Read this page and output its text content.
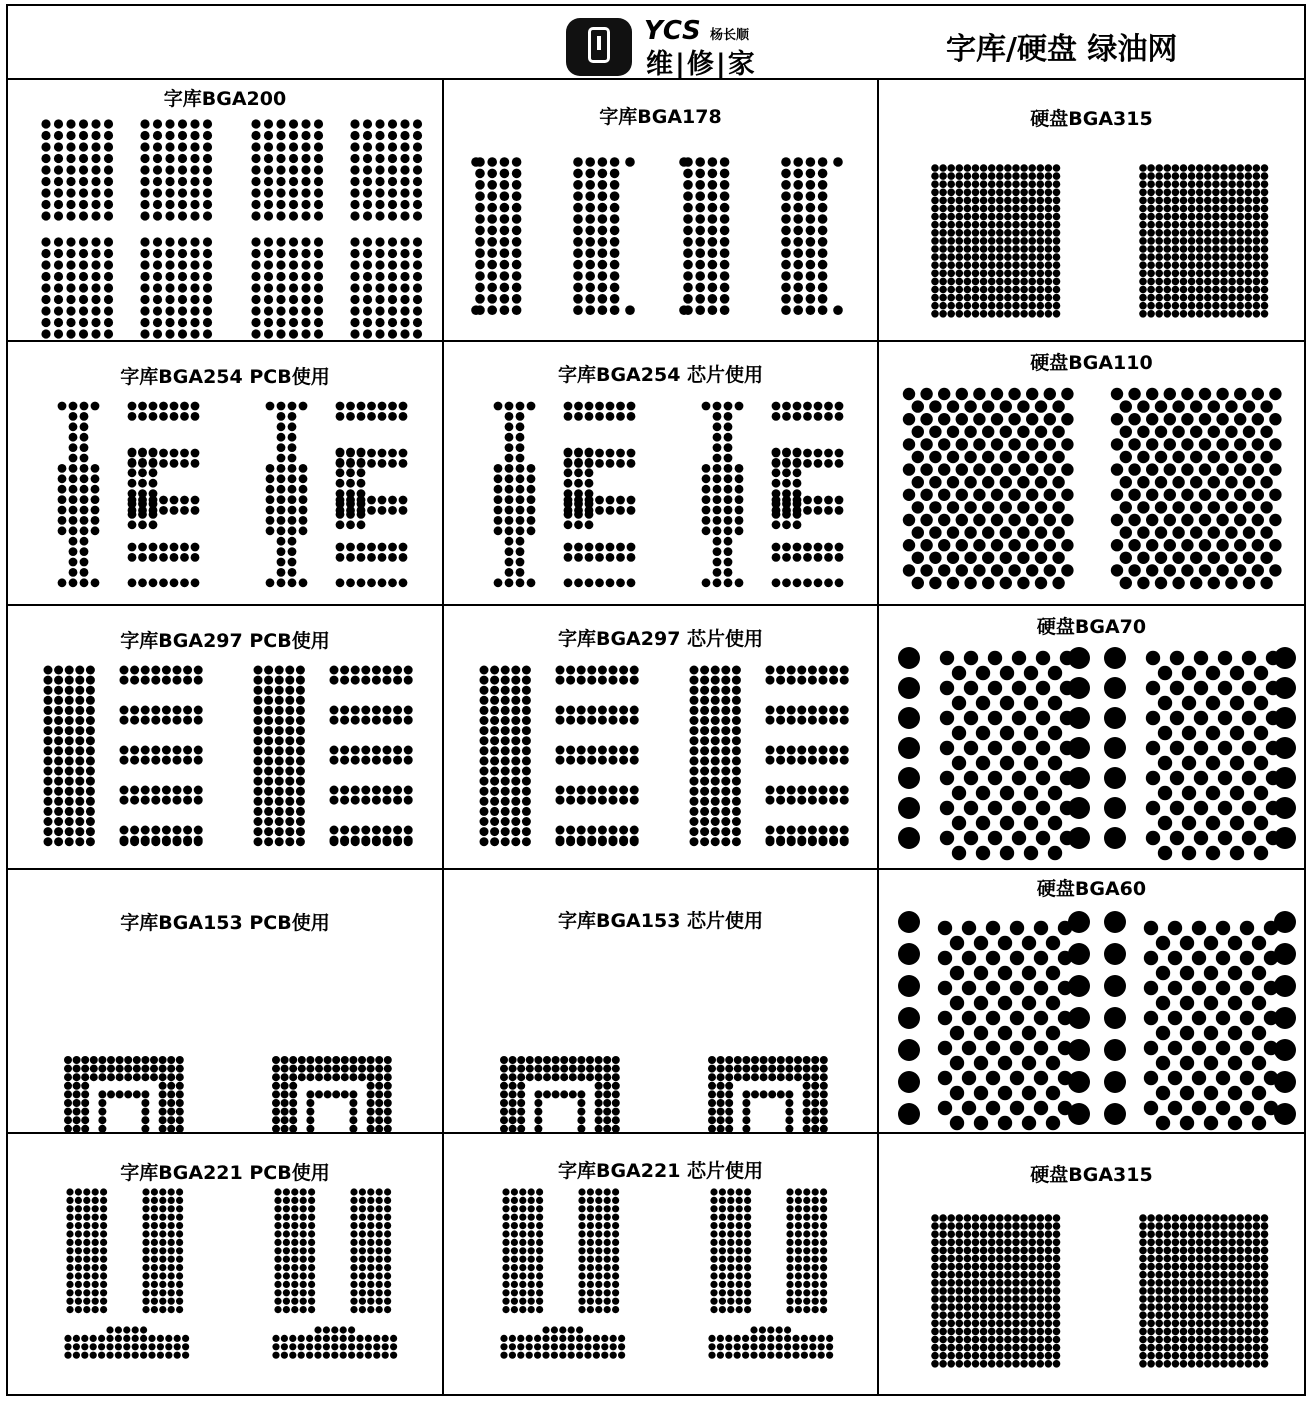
YCS 杨长顺
维|修|家	字库/硬盘 绿油网
字库BGA200
字库BGA178	硬盘BGA315
字库BGA254 PCB使用	字库BGA254 芯片使用
硬盘BGA110
字库BGA297 PCB使用	字库BGA297 芯片使用
硬盘BGA70
字库BGA153 PCB使用	字库BGA153 芯片使用
硬盘BGA60
字库BGA221 PCB使用	字库BGA221 芯片使用	硬盘BGA315
